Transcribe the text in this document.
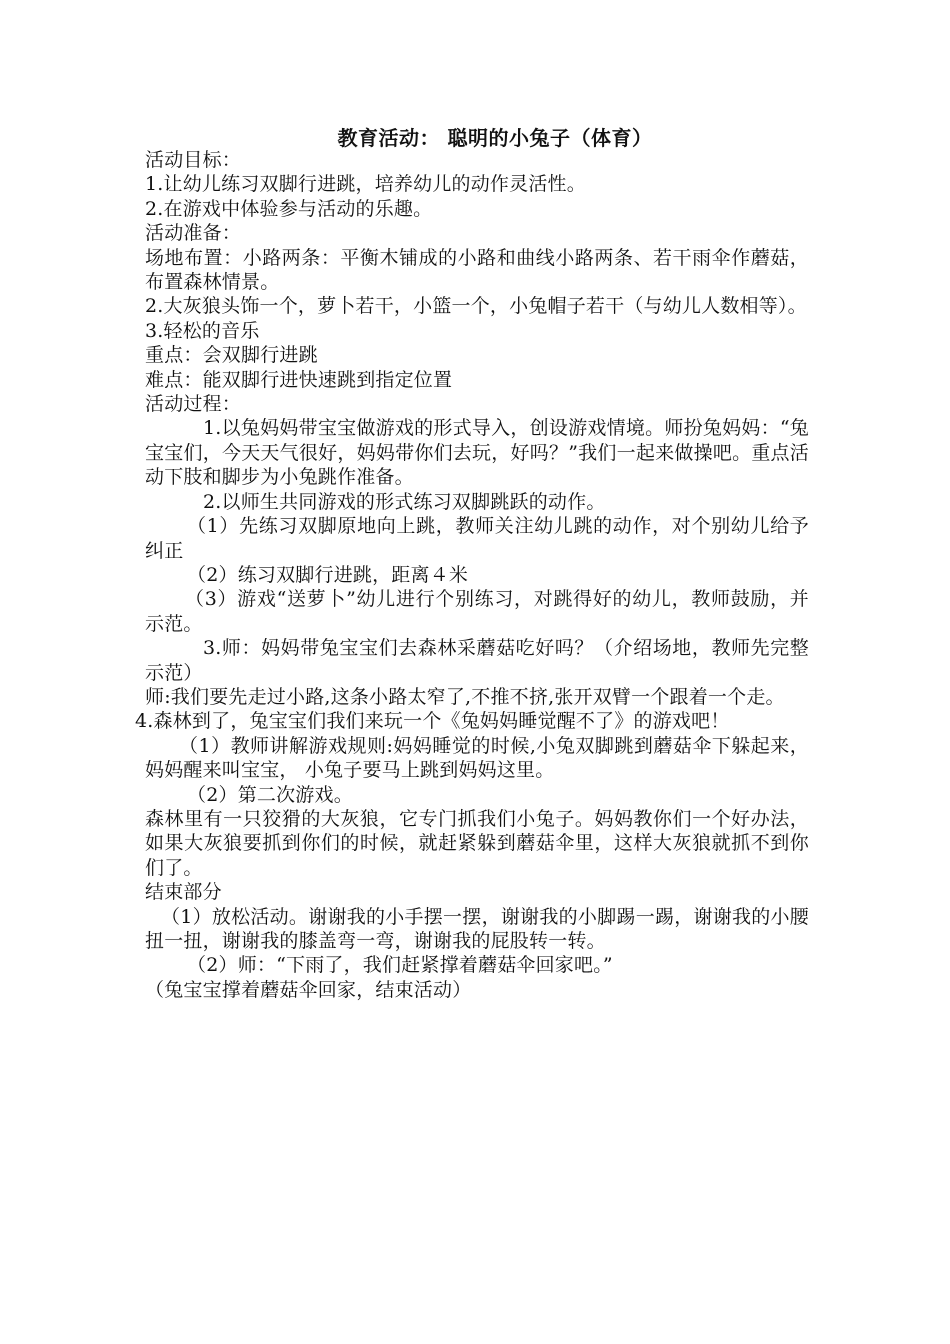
教育活动： 聪明的小兔子（体育）

活动目标：

1.让幼儿练习双脚行进跳，培养幼儿的动作灵活性。

2.在游戏中体验参与活动的乐趣。

活动准备：

场地布置：小路两条：平衡木铺成的小路和曲线小路两条、若干雨伞作蘑菇，布置森林情景。

2.大灰狼头饰一个，萝卜若干，小篮一个，小兔帽子若干（与幼儿人数相等）。

3.轻松的音乐

重点：会双脚行进跳

难点：能双脚行进快速跳到指定位置

活动过程：

1.以兔妈妈带宝宝做游戏的形式导入，创设游戏情境。师扮兔妈妈：“兔宝宝们，今天天气很好，妈妈带你们去玩，好吗？”我们一起来做操吧。重点活动下肢和脚步为小兔跳作准备。

2.以师生共同游戏的形式练习双脚跳跃的动作。

（1）先练习双脚原地向上跳，教师关注幼儿跳的动作，对个别幼儿给予纠正

（2）练习双脚行进跳，距离４米

（3）游戏“送萝卜”幼儿进行个别练习，对跳得好的幼儿，教师鼓励，并示范。

3.师：妈妈带兔宝宝们去森林采蘑菇吃好吗？（介绍场地，教师先完整示范）

师:我们要先走过小路,这条小路太窄了,不推不挤,张开双臂一个跟着一个走。

4.森林到了，兔宝宝们我们来玩一个《兔妈妈睡觉醒不了》的游戏吧！

（1）教师讲解游戏规则:妈妈睡觉的时候,小兔双脚跳到蘑菇伞下躲起来，妈妈醒来叫宝宝， 小兔子要马上跳到妈妈这里。

（2）第二次游戏。

森林里有一只狡猾的大灰狼，它专门抓我们小兔子。妈妈教你们一个好办法，如果大灰狼要抓到你们的时候，就赶紧躲到蘑菇伞里，这样大灰狼就抓不到你们了。

结束部分

（1）放松活动。谢谢我的小手摆一摆，谢谢我的小脚踢一踢，谢谢我的小腰扭一扭，谢谢我的膝盖弯一弯，谢谢我的屁股转一转。

（2）师：“下雨了，我们赶紧撑着蘑菇伞回家吧。”

（兔宝宝撑着蘑菇伞回家，结束活动）
